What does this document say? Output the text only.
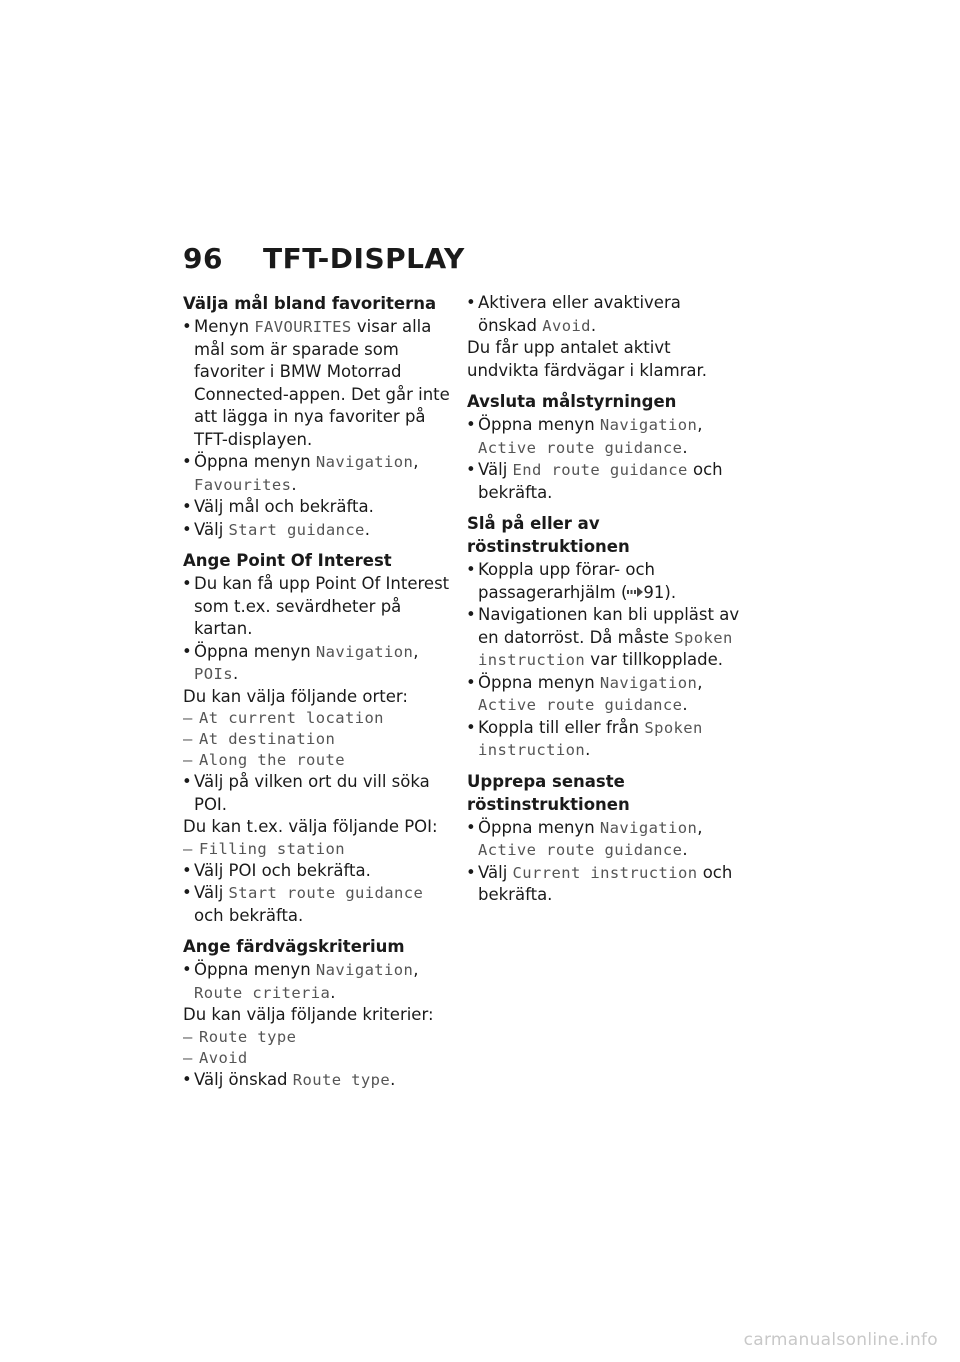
96 TFT-DISPLAY
Välja mål bland favoriterna
• Menyn FAVOURITES visar alla mål som är sparade som favoriter i BMW Motorrad Connected-appen. Det går inte att lägga in nya favoriter på TFT-displayen.
• Öppna menyn Navigation, Favourites.
• Välj mål och bekräfta.
• Välj Start guidance.
Ange Point Of Interest
• Du kan få upp Point Of Interest som t.ex. sevärdheter på kartan.
• Öppna menyn Navigation, POIs.
Du kan välja följande orter:
– At current location
– At destination
– Along the route
• Välj på vilken ort du vill söka POI.
Du kan t.ex. välja följande POI:
– Filling station
• Välj POI och bekräfta.
• Välj Start route guidance och bekräfta.
Ange färdvägskriterium
• Öppna menyn Navigation, Route criteria.
Du kan välja följande kriterier:
– Route type
– Avoid
• Välj önskad Route type.
• Aktivera eller avaktivera önskad Avoid.
Du får upp antalet aktivt undvikta färdvägar i klamrar.
Avsluta målstyrningen
• Öppna menyn Navigation, Active route guidance.
• Välj End route guidance och bekräfta.
Slå på eller av röstinstruktionen
• Koppla upp förar- och passagerarhjälm ( 91).
• Navigationen kan bli uppläst av en datorröst. Då måste Spoken instruction var tillkopplade.
• Öppna menyn Navigation, Active route guidance.
• Koppla till eller från Spoken instruction.
Upprepa senaste röstinstruktionen
• Öppna menyn Navigation, Active route guidance.
• Välj Current instruction och bekräfta.
carmanualsonline.info
